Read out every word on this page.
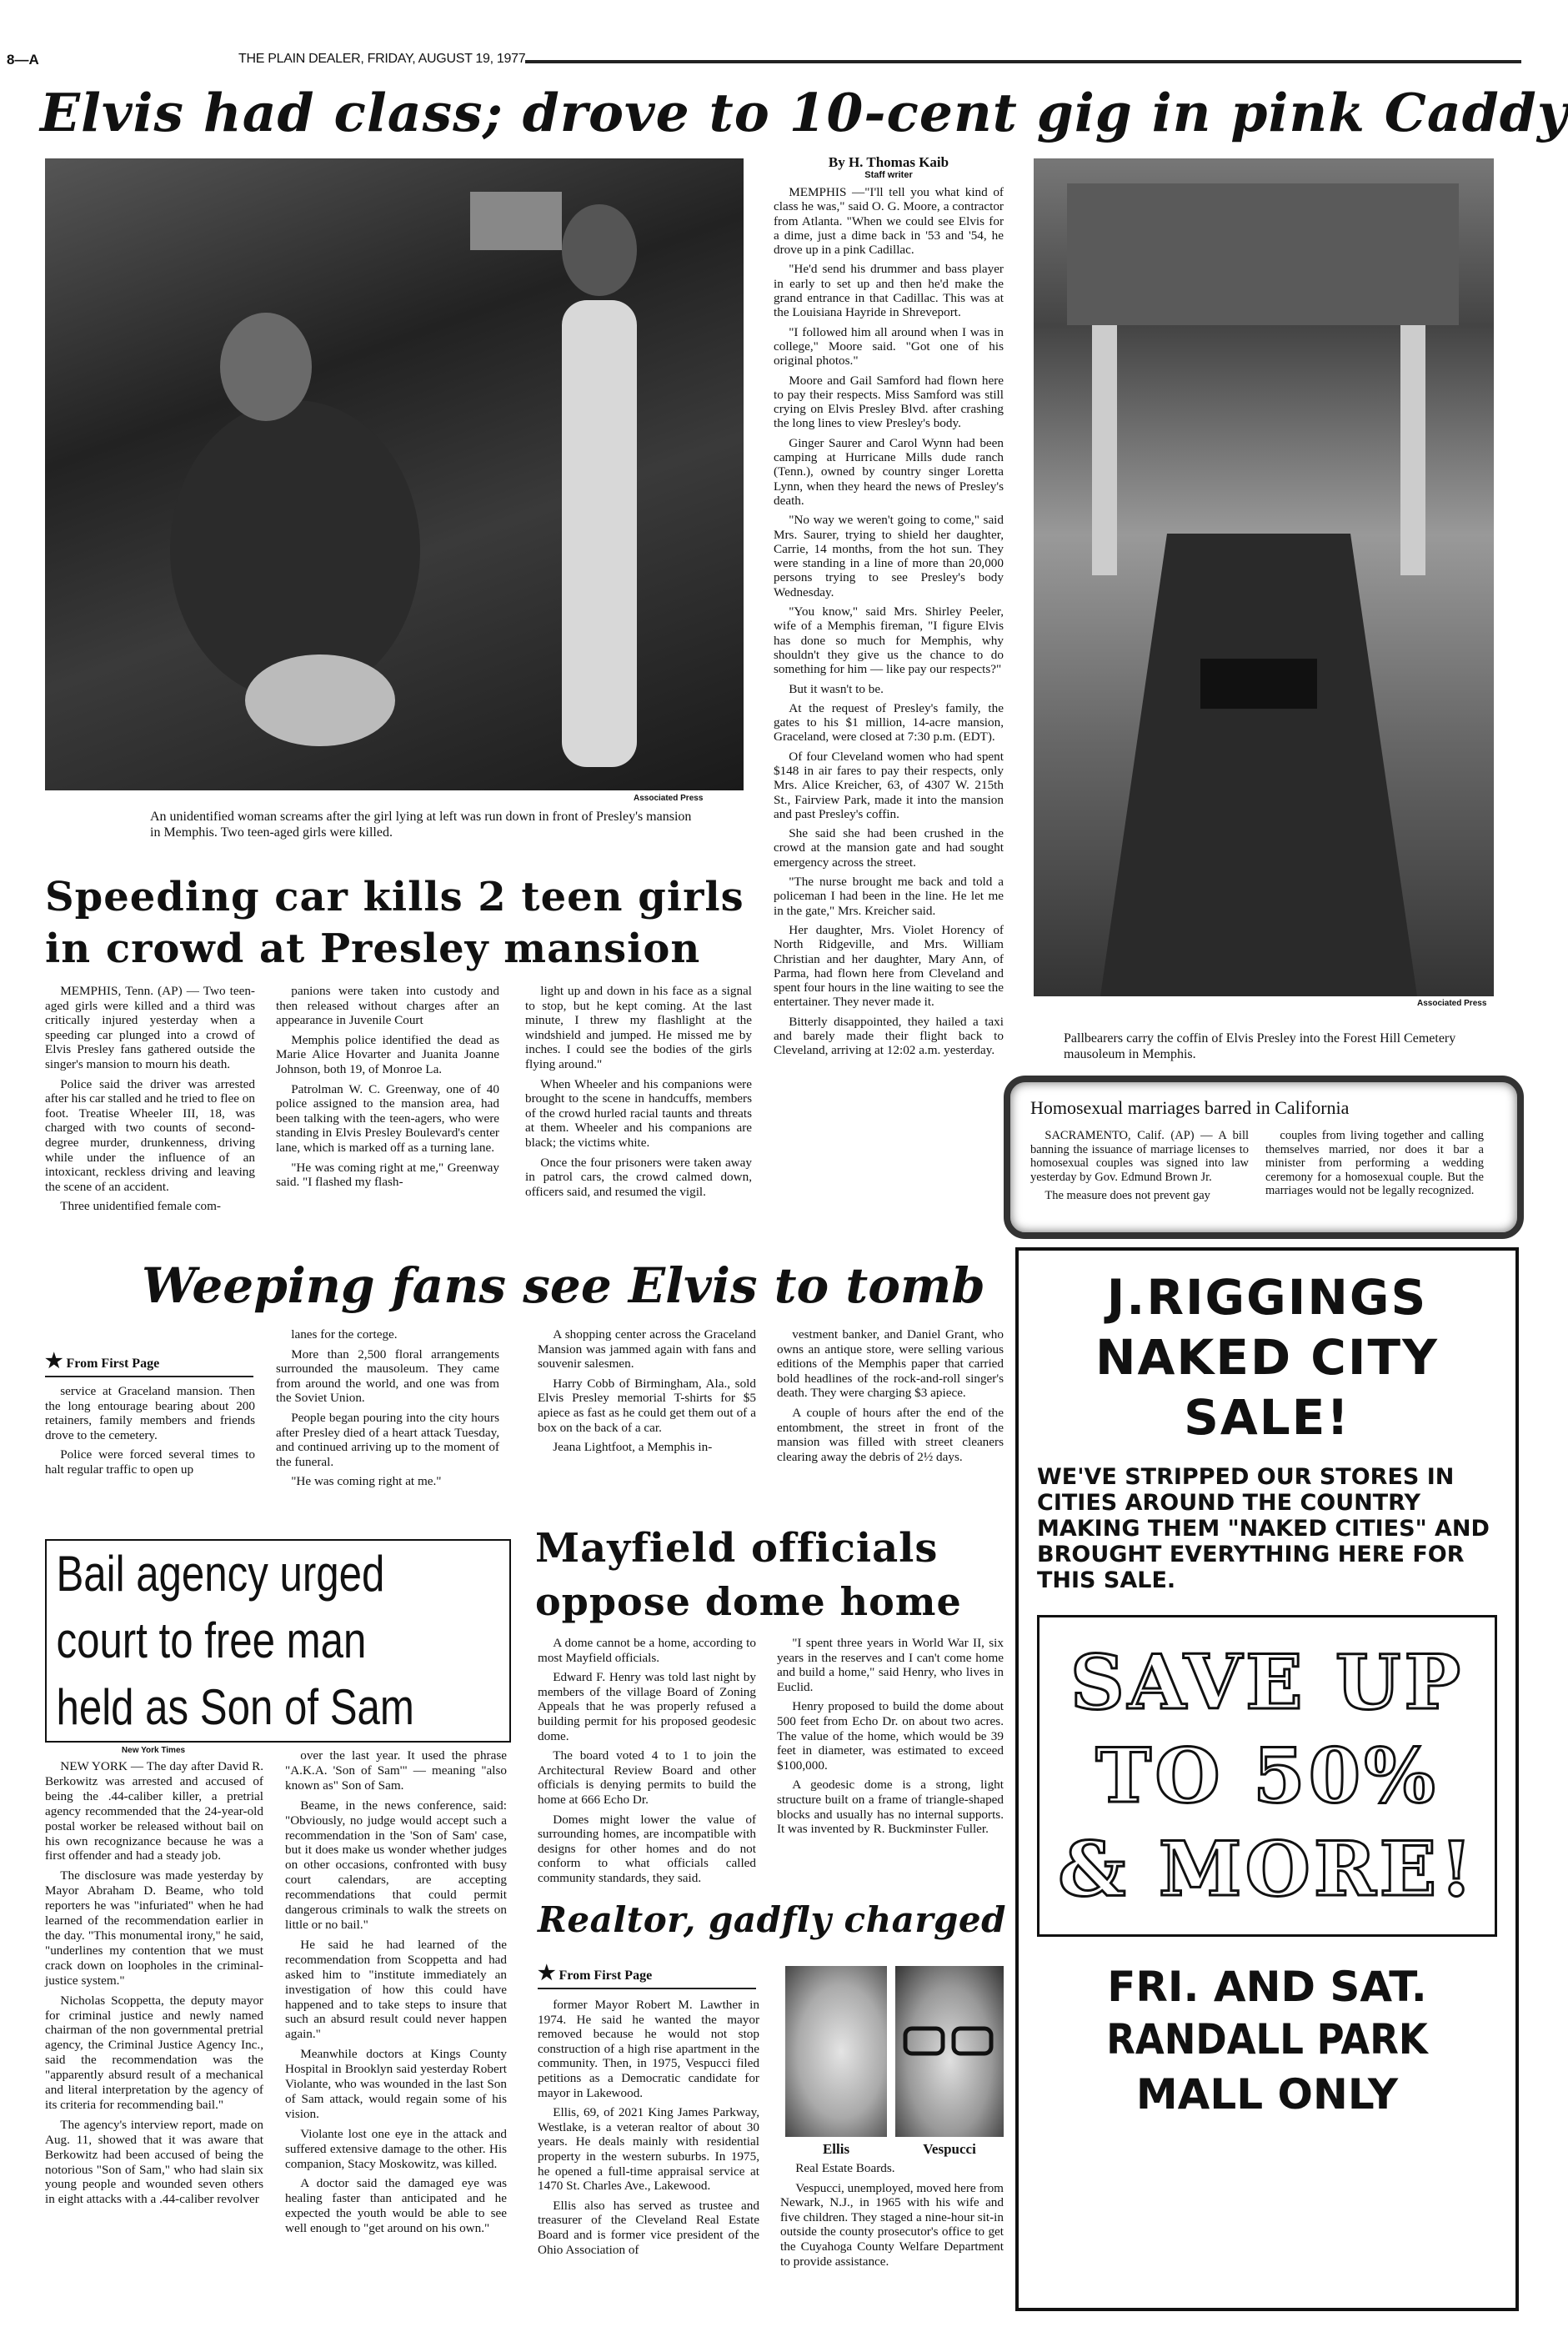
8—A	THE PLAIN DEALER, FRIDAY, AUGUST 19, 1977
Elvis had class; drove to 10-cent gig in pink Caddy
Associated Press
An unidentified woman screams after the girl lying at left was run down in front of Presley's mansion in Memphis. Two teen-aged girls were killed.
Speeding car kills 2 teen girls in crowd at Presley mansion

MEMPHIS, Tenn. (AP) — Two teen-aged girls were killed and a third was critically injured yesterday when a speeding car plunged into a crowd of Elvis Presley fans gathered outside the singer's mansion to mourn his death.

Police said the driver was arrested after his car stalled and he tried to flee on foot. Treatise Wheeler III, 18, was charged with two counts of second-degree murder, drunkenness, driving while under the influence of an intoxicant, reckless driving and leaving the scene of an accident.

Three unidentified female com-

panions were taken into custody and then released without charges after an appearance in Juvenile Court

Memphis police identified the dead as Marie Alice Hovarter and Juanita Joanne Johnson, both 19, of Monroe La.

Patrolman W. C. Greenway, one of 40 police assigned to the mansion area, had been talking with the teen-agers, who were standing in Elvis Presley Boulevard's center lane, which is marked off as a turning lane.

"He was coming right at me," Greenway said. "I flashed my flash-

light up and down in his face as a signal to stop, but he kept coming. At the last minute, I threw my flashlight at the windshield and jumped. He missed me by inches. I could see the bodies of the girls flying around."

When Wheeler and his companions were brought to the scene in handcuffs, members of the crowd hurled racial taunts and threats at them. Wheeler and his companions are black; the victims white.

Once the four prisoners were taken away in patrol cars, the crowd calmed down, officers said, and resumed the vigil.

By H. Thomas Kaib
Staff writer

MEMPHIS —"I'll tell you what kind of class he was," said O. G. Moore, a contractor from Atlanta. "When we could see Elvis for a dime, just a dime back in '53 and '54, he drove up in a pink Cadillac.

"He'd send his drummer and bass player in early to set up and then he'd make the grand entrance in that Cadillac. This was at the Louisiana Hayride in Shreveport.

"I followed him all around when I was in college," Moore said. "Got one of his original photos."

Moore and Gail Samford had flown here to pay their respects. Miss Samford was still crying on Elvis Presley Blvd. after crashing the long lines to view Presley's body.

Ginger Saurer and Carol Wynn had been camping at Hurricane Mills dude ranch (Tenn.), owned by country singer Loretta Lynn, when they heard the news of Presley's death.

"No way we weren't going to come," said Mrs. Saurer, trying to shield her daughter, Carrie, 14 months, from the hot sun. They were standing in a line of more than 20,000 persons trying to see Presley's body Wednesday.

"You know," said Mrs. Shirley Peeler, wife of a Memphis fireman, "I figure Elvis has done so much for Memphis, why shouldn't they give us the chance to do something for him — like pay our respects?"

But it wasn't to be.

At the request of Presley's family, the gates to his $1 million, 14-acre mansion, Graceland, were closed at 7:30 p.m. (EDT).

Of four Cleveland women who had spent $148 in air fares to pay their respects, only Mrs. Alice Kreicher, 63, of 4307 W. 215th St., Fairview Park, made it into the mansion and past Presley's coffin.

She said she had been crushed in the crowd at the mansion gate and had sought emergency across the street.

"The nurse brought me back and told a policeman I had been in the line. He let me in the gate," Mrs. Kreicher said.

Her daughter, Mrs. Violet Horency of North Ridgeville, and Mrs. William Christian and her daughter, Mary Ann, of Parma, had flown here from Cleveland and spent four hours in the line waiting to see the entertainer. They never made it.

Bitterly disappointed, they hailed a taxi and barely made their flight back to Cleveland, arriving at 12:02 a.m. yesterday.

Associated Press
Pallbearers carry the coffin of Elvis Presley into the Forest Hill Cemetery mausoleum in Memphis.
Homosexual marriages barred in California

SACRAMENTO, Calif. (AP) — A bill banning the issuance of marriage licenses to homosexual couples was signed into law yesterday by Gov. Edmund Brown Jr.

The measure does not prevent gay

couples from living together and calling themselves married, nor does it bar a minister from performing a wedding ceremony for a homosexual couple. But the marriages would not be legally recognized.

Weeping fans see Elvis to tomb
★ From First Page

service at Graceland mansion. Then the long entourage bearing about 200 retainers, family members and friends drove to the cemetery.

Police were forced several times to halt regular traffic to open up

lanes for the cortege.

More than 2,500 floral arrangements surrounded the mausoleum. They came from around the world, and one was from the Soviet Union.

People began pouring into the city hours after Presley died of a heart attack Tuesday, and continued arriving up to the moment of the funeral.

"He was coming right at me."

A shopping center across the Graceland Mansion was jammed again with fans and souvenir salesmen.

Harry Cobb of Birmingham, Ala., sold Elvis Presley memorial T-shirts for $5 apiece as fast as he could get them out of a box on the back of a car.

Jeana Lightfoot, a Memphis in-

vestment banker, and Daniel Grant, who owns an antique store, were selling various editions of the Memphis paper that carried bold headlines of the rock-and-roll singer's death. They were charging $3 apiece.

A couple of hours after the end of the entombment, the street in front of the mansion was filled with street cleaners clearing away the debris of 2½ days.

Bail agency urged
court to free man
held as Son of Sam
New York Times

NEW YORK — The day after David R. Berkowitz was arrested and accused of being the .44-caliber killer, a pretrial agency recommended that the 24-year-old postal worker be released without bail on his own recognizance because he was a first offender and had a steady job.

The disclosure was made yesterday by Mayor Abraham D. Beame, who told reporters he was "infuriated" when he had learned of the recommendation earlier in the day. "This monumental irony," he said, "underlines my contention that we must crack down on loopholes in the criminal-justice system."

Nicholas Scoppetta, the deputy mayor for criminal justice and newly named chairman of the non governmental pretrial agency, the Criminal Justice Agency Inc., said the recommendation was the "apparently absurd result of a mechanical and literal interpretation by the agency of its criteria for recommending bail."

The agency's interview report, made on Aug. 11, showed that it was aware that Berkowitz had been accused of being the notorious "Son of Sam," who had slain six young people and wounded seven others in eight attacks with a .44-caliber revolver

over the last year. It used the phrase "A.K.A. 'Son of Sam'" — meaning "also known as" Son of Sam.

Beame, in the news conference, said: "Obviously, no judge would accept such a recommendation in the 'Son of Sam' case, but it does make us wonder whether judges on other occasions, confronted with busy court calendars, are accepting recommendations that could permit dangerous criminals to walk the streets on little or no bail."

He said he had learned of the recommendation from Scoppetta and had asked him to "institute immediately an investigation of how this could have happened and to take steps to insure that such an absurd result could never happen again."

Meanwhile doctors at Kings County Hospital in Brooklyn said yesterday Robert Violante, who was wounded in the last Son of Sam attack, would regain some of his vision.

Violante lost one eye in the attack and suffered extensive damage to the other. His companion, Stacy Moskowitz, was killed.

A doctor said the damaged eye was healing faster than anticipated and he expected the youth would be able to see well enough to "get around on his own."

Mayfield officials
oppose dome home

A dome cannot be a home, according to most Mayfield officials.

Edward F. Henry was told last night by members of the village Board of Zoning Appeals that he was properly refused a building permit for his proposed geodesic dome.

The board voted 4 to 1 to join the Architectural Review Board and other officials is denying permits to build the home at 666 Echo Dr.

Domes might lower the value of surrounding homes, are incompatible with designs for other homes and do not conform to what officials called community standards, they said.

"I spent three years in World War II, six years in the reserves and I can't come home and build a home," said Henry, who lives in Euclid.

Henry proposed to build the dome about 500 feet from Echo Dr. on about two acres. The value of the home, which would be 39 feet in diameter, was estimated to exceed $100,000.

A geodesic dome is a strong, light structure built on a frame of triangle-shaped blocks and usually has no internal supports. It was invented by R. Buckminster Fuller.

Realtor, gadfly charged
★ From First Page

former Mayor Robert M. Lawther in 1974. He said he wanted the mayor removed because he would not stop construction of a high rise apartment in the community. Then, in 1975, Vespucci filed petitions as a Democratic candidate for mayor in Lakewood.

Ellis, 69, of 2021 King James Parkway, Westlake, is a veteran realtor of about 30 years. He deals mainly with residential property in the western suburbs. In 1975, he opened a full-time appraisal service at 1470 St. Charles Ave., Lakewood.

Ellis also has served as trustee and treasurer of the Cleveland Real Estate Board and is former vice president of the Ohio Association of

Ellis	Vespucci

Real Estate Boards.

Vespucci, unemployed, moved here from Newark, N.J., in 1965 with his wife and five children. They staged a nine-hour sit-in outside the county prosecutor's office to get the Cuyahoga County Welfare Department to provide assistance.

J.RIGGINGS
NAKED CITY
SALE!
WE'VE STRIPPED OUR STORES IN CITIES AROUND THE COUNTRY MAKING THEM "NAKED CITIES" AND BROUGHT EVERYTHING HERE FOR THIS SALE.
SAVE UP
TO 50%
& MORE!
FRI. AND SAT.
RANDALL PARK
MALL ONLY
